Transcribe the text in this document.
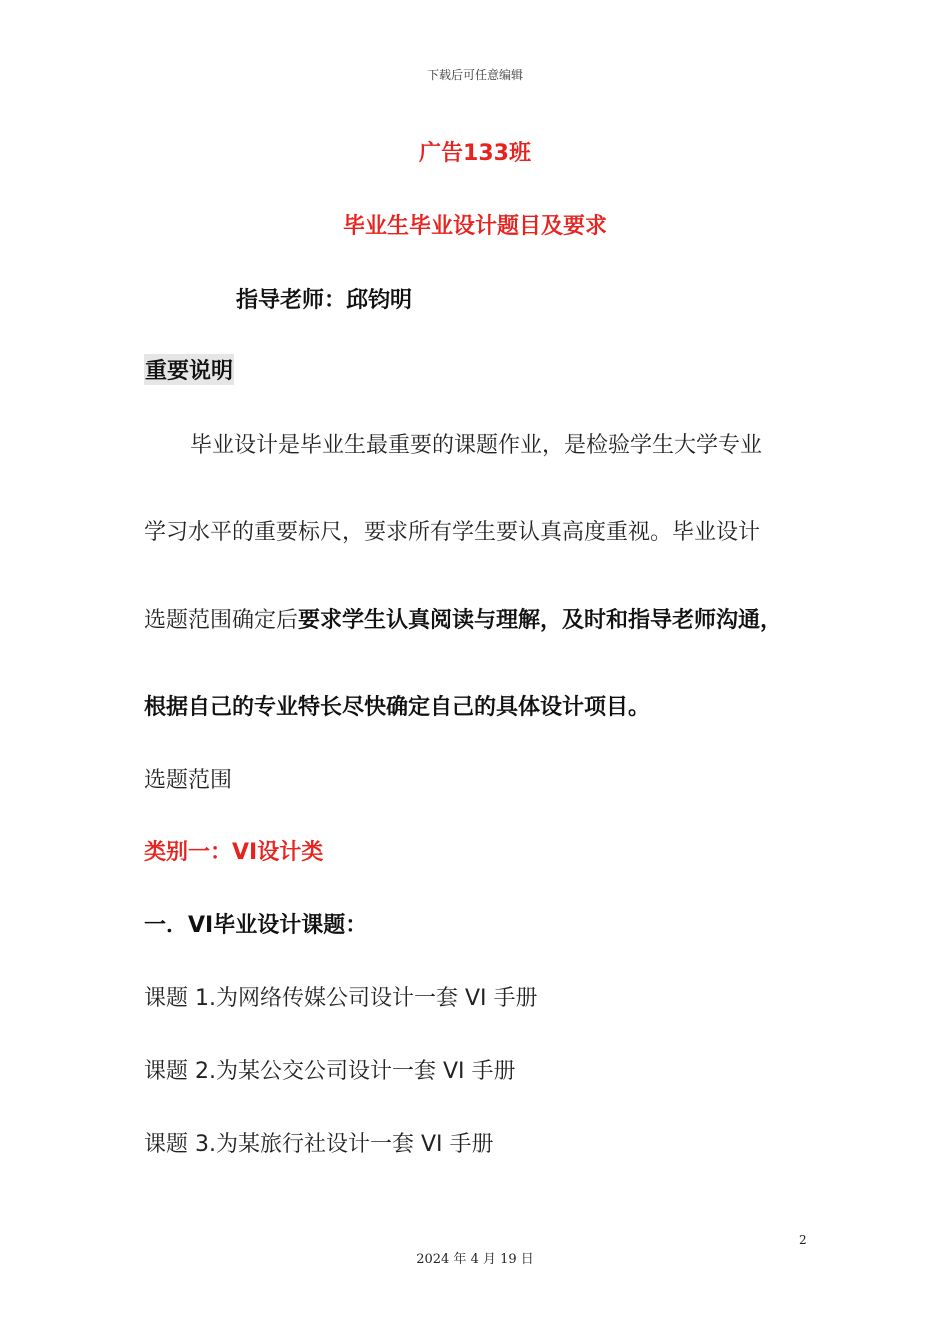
下载后可任意编辑
广告133班
毕业生毕业设计题目及要求
指导老师：邱钧明
重要说明
毕业设计是毕业生最重要的课题作业，是检验学生大学专业
学习水平的重要标尺，要求所有学生要认真高度重视。毕业设计
选题范围确定后要求学生认真阅读与理解，及时和指导老师沟通，
根据自己的专业特长尽快确定自己的具体设计项目。
选题范围
类别一：VI设计类
一．VI毕业设计课题：
课题 1.为网络传媒公司设计一套 VI 手册
课题 2.为某公交公司设计一套 VI 手册
课题 3.为某旅行社设计一套 VI 手册
2
2024 年 4 月 19 日
